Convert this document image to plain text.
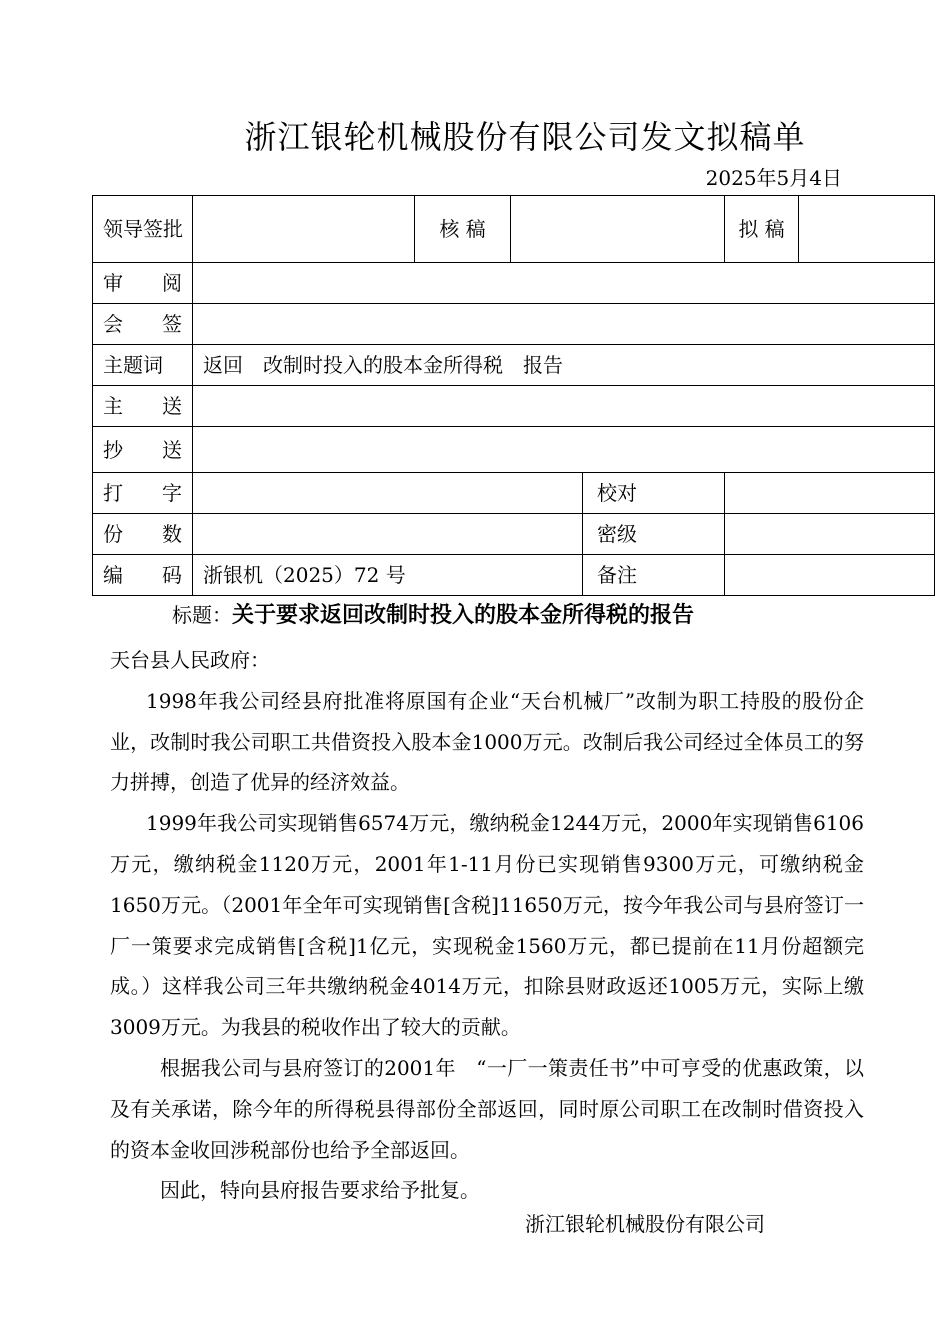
浙江银轮机械股份有限公司发文拟稿单
2025年5月4日
领导签批		核 稿			拟 稿	
审阅						
会签						
主题词	返回　改制时投入的股本金所得税　报告					
主送						
抄送						
打字				校对		
份数				密级		
编码	浙银机（2025）72 号			备注		
标题：关于要求返回改制时投入的股本金所得税的报告

天台县人民政府：

1998年我公司经县府批准将原国有企业“天台机械厂”改制为职工持股的股份企业，改制时我公司职工共借资投入股本金1000万元。改制后我公司经过全体员工的努力拼搏，创造了优异的经济效益。

1999年我公司实现销售6574万元，缴纳税金1244万元，2000年实现销售6106万元，缴纳税金1120万元，2001年1-11月份已实现销售9300万元，可缴纳税金1650万元。（2001年全年可实现销售[含税]11650万元，按今年我公司与县府签订一厂一策要求完成销售[含税]1亿元，实现税金1560万元，都已提前在11月份超额完成。）这样我公司三年共缴纳税金4014万元，扣除县财政返还1005万元，实际上缴3009万元。为我县的税收作出了较大的贡献。

根据我公司与县府签订的2001年　“一厂一策责任书”中可亨受的优惠政策，以及有关承诺，除今年的所得税县得部份全部返回，同时原公司职工在改制时借资投入的资本金收回涉税部份也给予全部返回。

因此，特向县府报告要求给予批复。

浙江银轮机械股份有限公司
